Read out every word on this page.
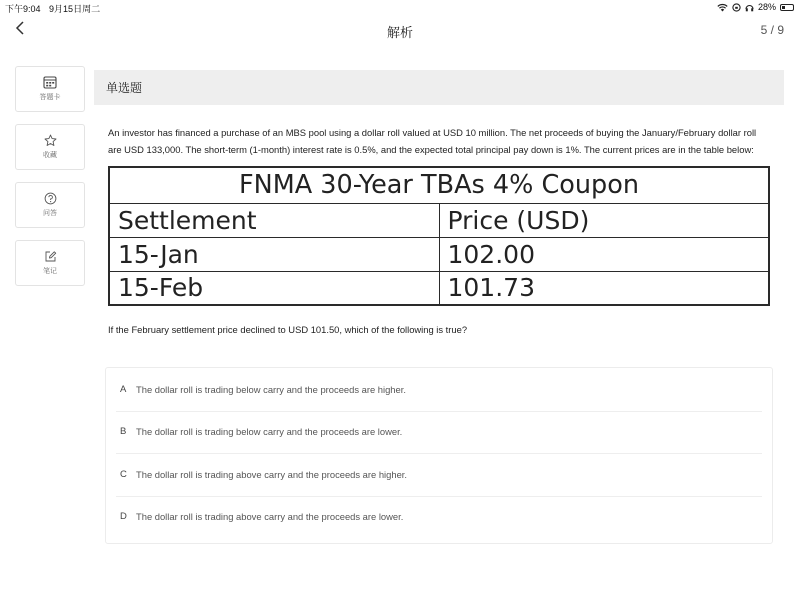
下午9:04 9月15日周二	28%
解析	5 / 9
答题卡
收藏
问答
笔记
单选题

An investor has financed a purchase of an MBS pool using a dollar roll valued at USD 10 million. The net proceeds of buying the January/February dollar roll are USD 133,000. The short-term (1-month) interest rate is 0.5%, and the expected total principal pay down is 1%. The current prices are in the table below:

FNMA 30-Year TBAs 4% Coupon	
Settlement	Price (USD)
15-Jan	102.00
15-Feb	101.73

If the February settlement price declined to USD 101.50, which of the following is true?

A	The dollar roll is trading below carry and the proceeds are higher.
B	The dollar roll is trading below carry and the proceeds are lower.
C The dollar roll is trading above carry and the proceeds are higher.
D The dollar roll is trading above carry and the proceeds are lower.
